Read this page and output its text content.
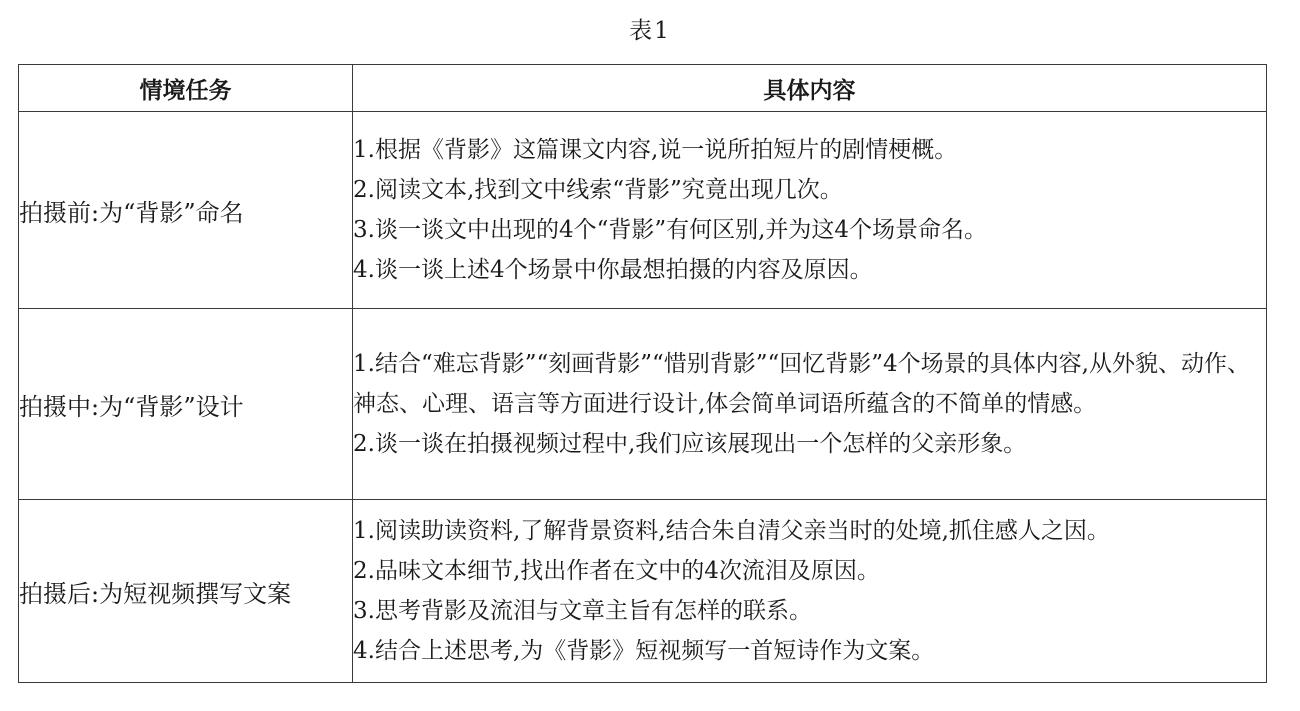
表1
情境任务	具体内容
拍摄前:为“背影”命名	1.根据《背影》这篇课文内容,说一说所拍短片的剧情梗概。
2.阅读文本,找到文中线索“背影”究竟出现几次。
3.谈一谈文中出现的4个“背影”有何区别,并为这4个场景命名。
4.谈一谈上述4个场景中你最想拍摄的内容及原因。

拍摄中:为“背影”设计	1.结合“难忘背影”“刻画背影”“惜别背影”“回忆背影”4个场景的具体内容,从外貌、动作、神态、心理、语言等方面进行设计,体会简单词语所蕴含的不简单的情感。
2.谈一谈在拍摄视频过程中,我们应该展现出一个怎样的父亲形象。

拍摄后:为短视频撰写文案	1.阅读助读资料,了解背景资料,结合朱自清父亲当时的处境,抓住感人之因。
2.品味文本细节,找出作者在文中的4次流泪及原因。
3.思考背影及流泪与文章主旨有怎样的联系。
4.结合上述思考,为《背影》短视频写一首短诗作为文案。
